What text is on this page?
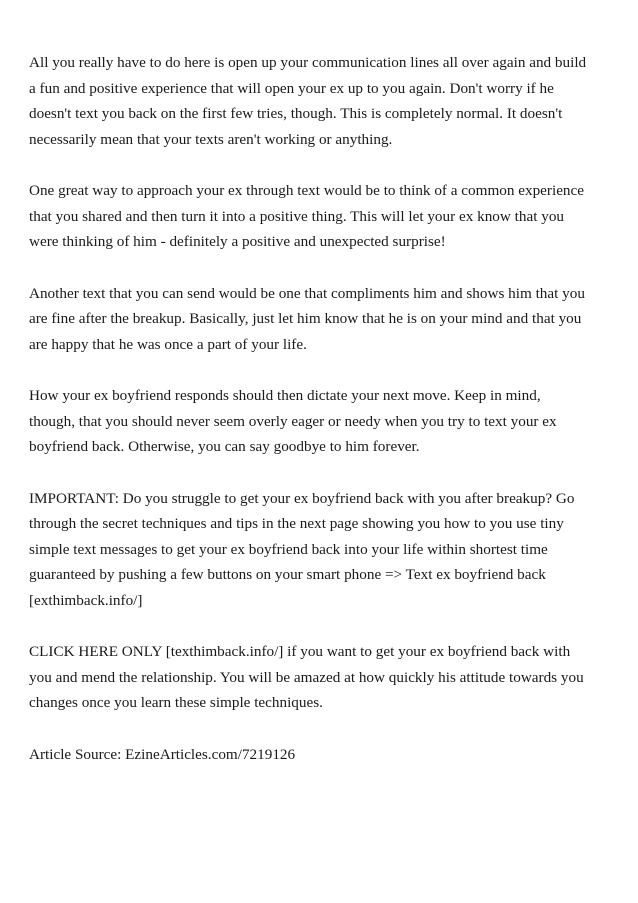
All you really have to do here is open up your communication lines all over again and build a fun and positive experience that will open your ex up to you again. Don't worry if he doesn't text you back on the first few tries, though. This is completely normal. It doesn't necessarily mean that your texts aren't working or anything.

One great way to approach your ex through text would be to think of a common experience that you shared and then turn it into a positive thing. This will let your ex know that you were thinking of him - definitely a positive and unexpected surprise!

Another text that you can send would be one that compliments him and shows him that you are fine after the breakup. Basically, just let him know that he is on your mind and that you are happy that he was once a part of your life.

How your ex boyfriend responds should then dictate your next move. Keep in mind, though, that you should never seem overly eager or needy when you try to text your ex boyfriend back. Otherwise, you can say goodbye to him forever.

IMPORTANT: Do you struggle to get your ex boyfriend back with you after breakup? Go through the secret techniques and tips in the next page showing you how to you use tiny simple text messages to get your ex boyfriend back into your life within shortest time guaranteed by pushing a few buttons on your smart phone => Text ex boyfriend back [exthimback.info/]

CLICK HERE ONLY [texthimback.info/] if you want to get your ex boyfriend back with you and mend the relationship. You will be amazed at how quickly his attitude towards you changes once you learn these simple techniques.

Article Source: EzineArticles.com/7219126
